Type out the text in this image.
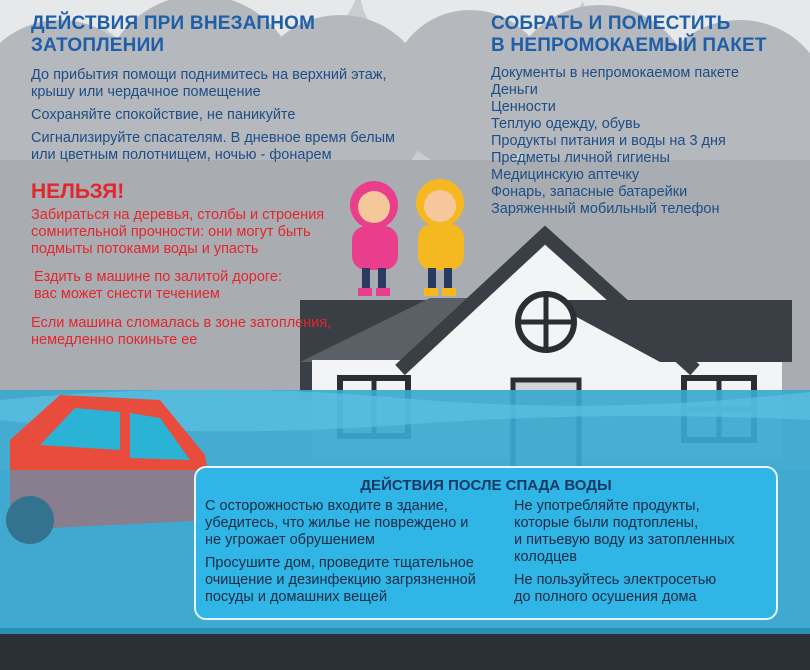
ДЕЙСТВИЯ ПРИ ВНЕЗАПНОМ
ЗАТОПЛЕНИИ
До прибытия помощи поднимитесь на верхний этаж,
крышу или чердачное помещение
Сохраняйте спокойствие, не паникуйте
Сигнализируйте спасателям. В дневное время белым
или цветным полотнищем, ночью - фонарем
НЕЛЬЗЯ!
Забираться на деревья, столбы и строения
сомнительной прочности: они могут быть
подмыты потоками воды и упасть
Ездить в машине по залитой дороге:
вас может снести течением
Если машина сломалась в зоне затопления,
немедленно покиньте ее
СОБРАТЬ И ПОМЕСТИТЬ
В НЕПРОМОКАЕМЫЙ ПАКЕТ
Документы в непромокаемом пакете
Деньги
Ценности
Теплую одежду, обувь
Продукты питания и воды на 3 дня
Предметы личной гигиены
Медицинскую аптечку
Фонарь, запасные батарейки
Заряженный мобильный телефон
ДЕЙСТВИЯ ПОСЛЕ СПАДА ВОДЫ
С осторожностью входите в здание,
убедитесь, что жилье не повреждено и
не угрожает обрушением
Просушите дом, проведите тщательное
очищение и дезинфекцию загрязненной
посуды и домашних вещей
Не употребляйте продукты,
которые были подтоплены,
и питьевую воду из затопленных
колодцев
Не пользуйтесь электросетью
до полного осушения дома
